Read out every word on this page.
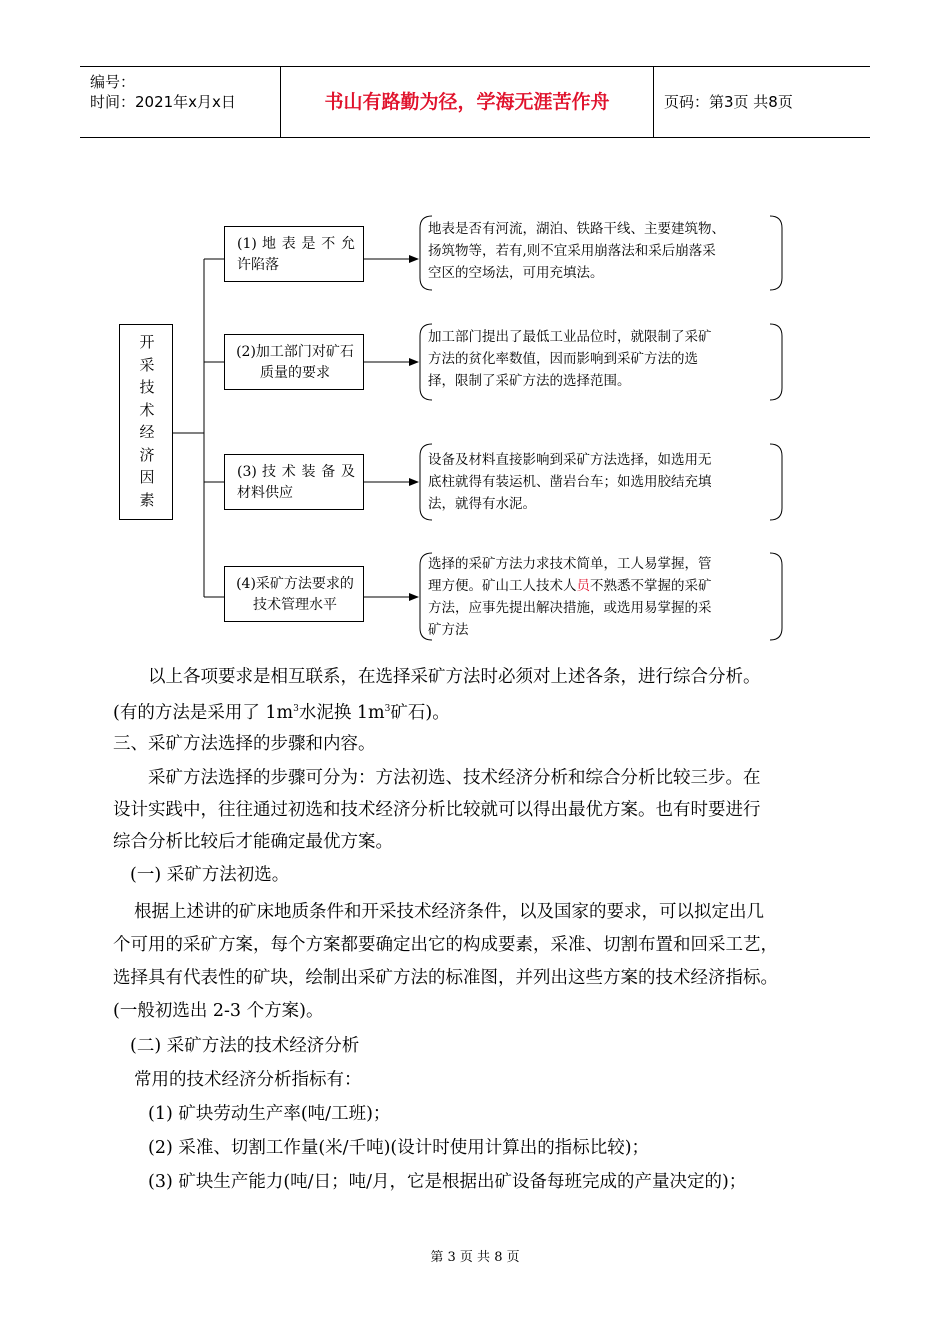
编号：
时间：2021年x月x日	书山有路勤为径，学海无涯苦作舟	页码：第3页 共8页
开
采
技
术
经
济
因
素
(1) 地 表 是 不 允许陷落
(2)加工部门对矿石质量的要求
(3) 技 术 装 备 及材料供应
(4)采矿方法要求的技术管理水平
地表是否有河流，湖泊、铁路干线、主要建筑物、
扬筑物等，若有,则不宜采用崩落法和采后崩落采
空区的空场法，可用充填法。
加工部门提出了最低工业品位时，就限制了采矿
方法的贫化率数值，因而影响到采矿方法的选
择，限制了采矿方法的选择范围。
设备及材料直接影响到采矿方法选择，如选用无
底柱就得有装运机、凿岩台车；如选用胶结充填
法，就得有水泥。
选择的采矿方法力求技术简单，工人易掌握，管
理方便。矿山工人技术人员不熟悉不掌握的采矿
方法，应事先提出解决措施，或选用易掌握的采
矿方法
以上各项要求是相互联系，在选择采矿方法时必须对上述各条，进行综合分析。
(有的方法是采用了 $1m^3$水泥换 $1m^3$矿石)。
三、采矿方法选择的步骤和内容。
采矿方法选择的步骤可分为：方法初选、技术经济分析和综合分析比较三步。在
设计实践中，往往通过初选和技术经济分析比较就可以得出最优方案。也有时要进行
综合分析比较后才能确定最优方案。
(一) 采矿方法初选。
根据上述讲的矿床地质条件和开采技术经济条件，以及国家的要求，可以拟定出几
个可用的采矿方案，每个方案都要确定出它的构成要素，采准、切割布置和回采工艺，
选择具有代表性的矿块，绘制出采矿方法的标准图，并列出这些方案的技术经济指标。
(一般初选出 2-3 个方案)。
(二) 采矿方法的技术经济分析
常用的技术经济分析指标有：
(1) 矿块劳动生产率(吨/工班)；
(2) 采准、切割工作量(米/千吨)(设计时使用计算出的指标比较)；
(3) 矿块生产能力(吨/日；吨/月，它是根据出矿设备每班完成的产量决定的)；
第 3 页 共 8 页
